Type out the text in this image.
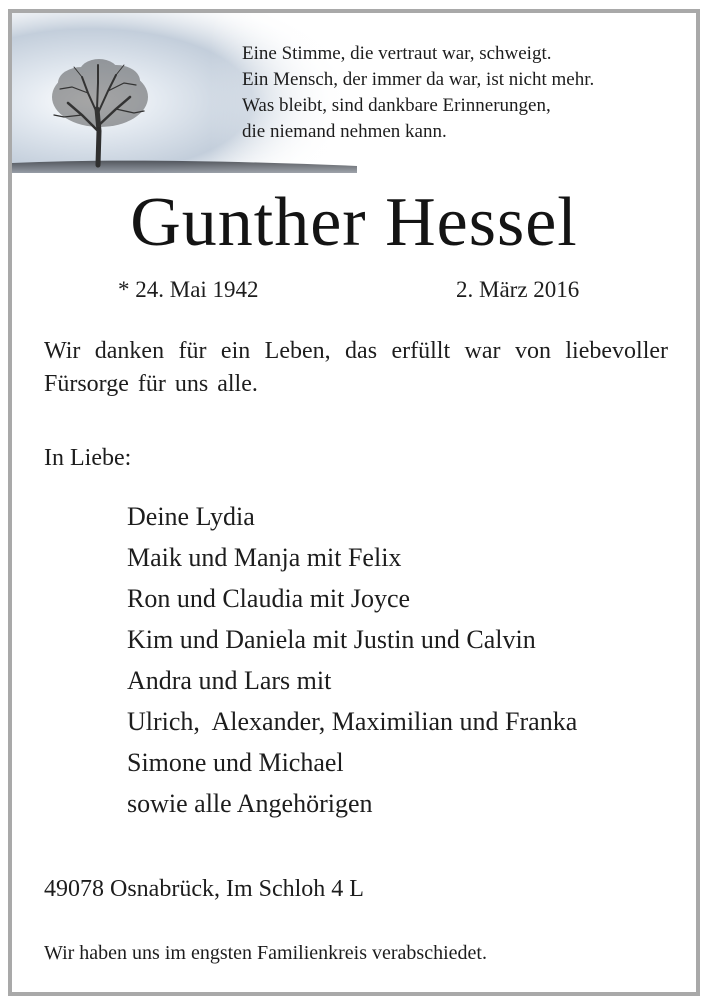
Eine Stimme, die vertraut war, schweigt.
Ein Mensch, der immer da war, ist nicht mehr.
Was bleibt, sind dankbare Erinnerungen,
die niemand nehmen kann.
Gunther Hessel
* 24. Mai 1942	2. März 2016
Wir danken für ein Leben, das erfüllt war von liebevoller Fürsorge für uns alle.
In Liebe:
Deine Lydia
Maik und Manja mit Felix
Ron und Claudia mit Joyce
Kim und Daniela mit Justin und Calvin
Andra und Lars mit
Ulrich,  Alexander, Maximilian und Franka
Simone und Michael
sowie alle Angehörigen
49078 Osnabrück, Im Schloh 4 L
Wir haben uns im engsten Familienkreis verabschiedet.
